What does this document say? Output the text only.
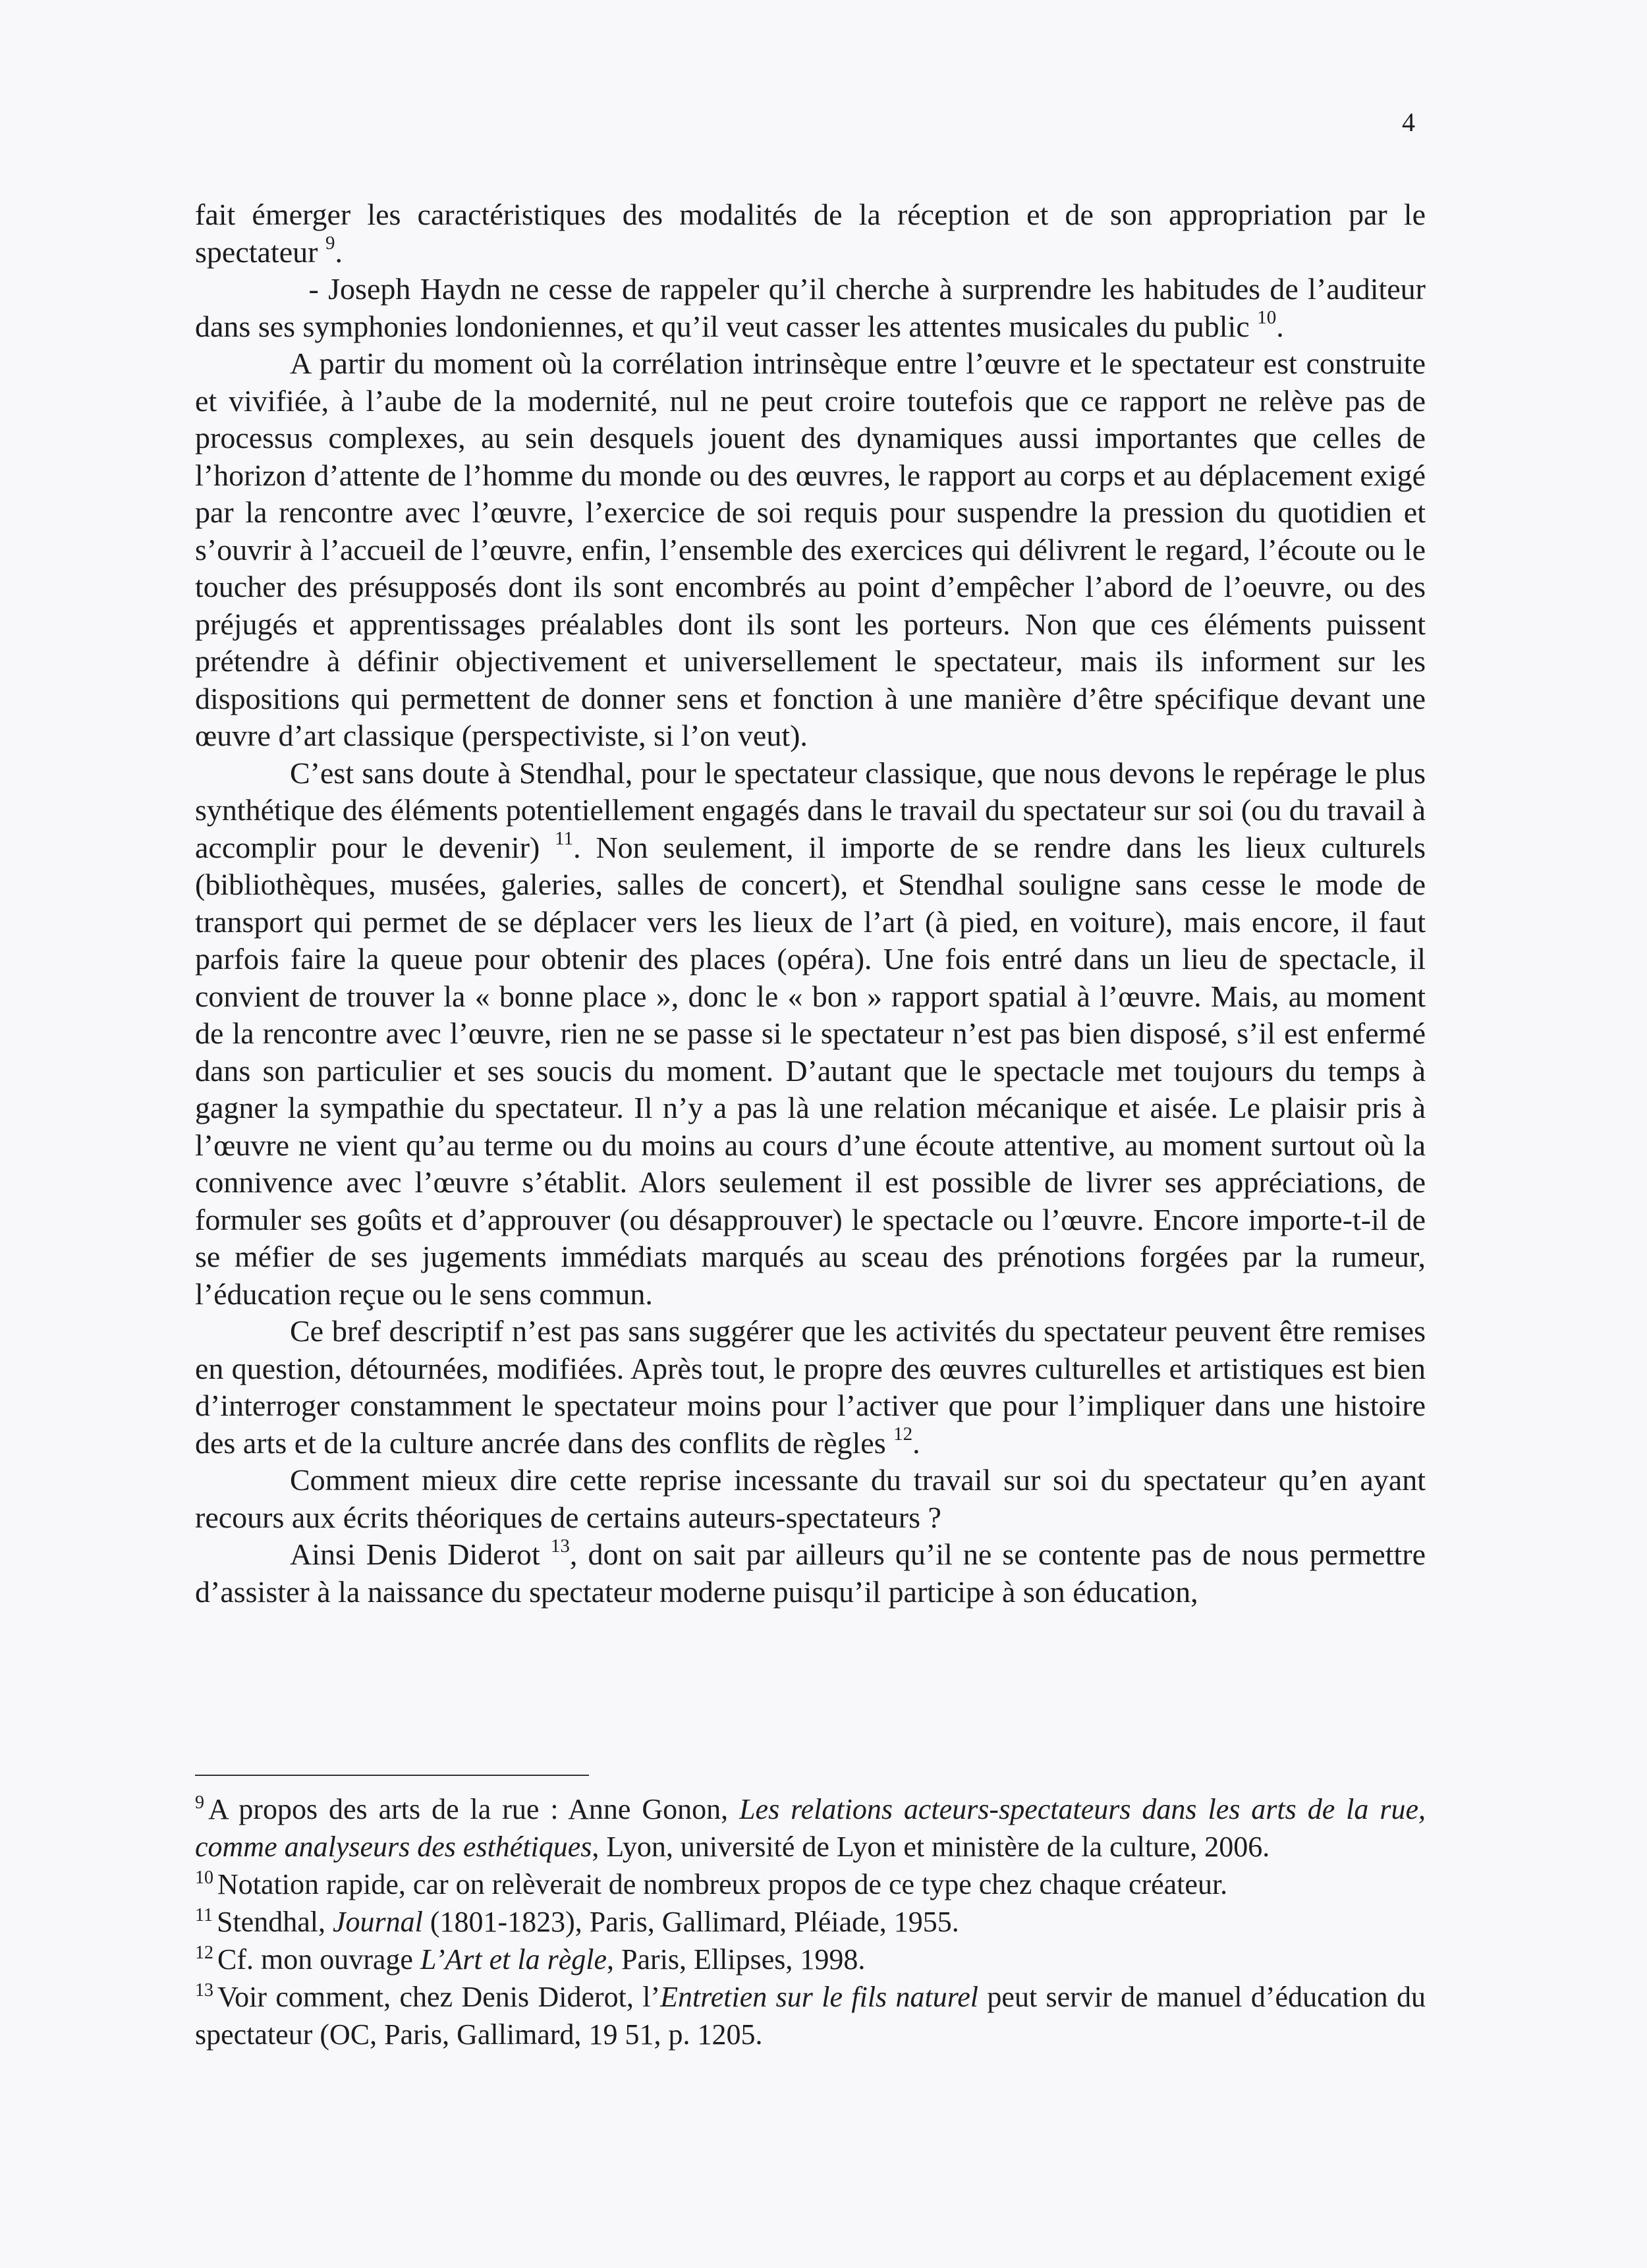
4

fait émerger les caractéristiques des modalités de la réception et de son appropriation par le spectateur $^9$.

- Joseph Haydn ne cesse de rappeler qu’il cherche à surprendre les habitudes de l’auditeur dans ses symphonies londoniennes, et qu’il veut casser les attentes musicales du public $^{10}$.

A partir du moment où la corrélation intrinsèque entre l’œuvre et le spectateur est construite et vivifiée, à l’aube de la modernité, nul ne peut croire toutefois que ce rapport ne relève pas de processus complexes, au sein desquels jouent des dynamiques aussi importantes que celles de l’horizon d’attente de l’homme du monde ou des œuvres, le rapport au corps et au déplacement exigé par la rencontre avec l’œuvre, l’exercice de soi requis pour suspendre la pression du quotidien et s’ouvrir à l’accueil de l’œuvre, enfin, l’ensemble des exercices qui délivrent le regard, l’écoute ou le toucher des présupposés dont ils sont encombrés au point d’empêcher l’abord de l’oeuvre, ou des préjugés et apprentissages préalables dont ils sont les porteurs. Non que ces éléments puissent prétendre à définir objectivement et universellement le spectateur, mais ils informent sur les dispositions qui permettent de donner sens et fonction à une manière d’être spécifique devant une œuvre d’art classique (perspectiviste, si l’on veut).

C’est sans doute à Stendhal, pour le spectateur classique, que nous devons le repérage le plus synthétique des éléments potentiellement engagés dans le travail du spectateur sur soi (ou du travail à accomplir pour le devenir) $^{11}$. Non seulement, il importe de se rendre dans les lieux culturels (bibliothèques, musées, galeries, salles de concert), et Stendhal souligne sans cesse le mode de transport qui permet de se déplacer vers les lieux de l’art (à pied, en voiture), mais encore, il faut parfois faire la queue pour obtenir des places (opéra). Une fois entré dans un lieu de spectacle, il convient de trouver la « bonne place », donc le « bon » rapport spatial à l’œuvre. Mais, au moment de la rencontre avec l’œuvre, rien ne se passe si le spectateur n’est pas bien disposé, s’il est enfermé dans son particulier et ses soucis du moment. D’autant que le spectacle met toujours du temps à gagner la sympathie du spectateur. Il n’y a pas là une relation mécanique et aisée. Le plaisir pris à l’œuvre ne vient qu’au terme ou du moins au cours d’une écoute attentive, au moment surtout où la connivence avec l’œuvre s’établit. Alors seulement il est possible de livrer ses appréciations, de formuler ses goûts et d’approuver (ou désapprouver) le spectacle ou l’œuvre. Encore importe-t-il de se méfier de ses jugements immédiats marqués au sceau des prénotions forgées par la rumeur, l’éducation reçue ou le sens commun.

Ce bref descriptif n’est pas sans suggérer que les activités du spectateur peuvent être remises en question, détournées, modifiées. Après tout, le propre des œuvres culturelles et artistiques est bien d’interroger constamment le spectateur moins pour l’activer que pour l’impliquer dans une histoire des arts et de la culture ancrée dans des conflits de règles $^{12}$.

Comment mieux dire cette reprise incessante du travail sur soi du spectateur qu’en ayant recours aux écrits théoriques de certains auteurs-spectateurs ?

Ainsi Denis Diderot $^{13}$, dont on sait par ailleurs qu’il ne se contente pas de nous permettre d’assister à la naissance du spectateur moderne puisqu’il participe à son éducation,

$^9$ A propos des arts de la rue : Anne Gonon, Les relations acteurs-spectateurs dans les arts de la rue, comme analyseurs des esthétiques, Lyon, université de Lyon et ministère de la culture, 2006.

$^{10}$ Notation rapide, car on relèverait de nombreux propos de ce type chez chaque créateur.

$^{11}$ Stendhal, Journal (1801-1823), Paris, Gallimard, Pléiade, 1955.

$^{12}$ Cf. mon ouvrage L’Art et la règle, Paris, Ellipses, 1998.

$^{13}$ Voir comment, chez Denis Diderot, l’Entretien sur le fils naturel peut servir de manuel d’éducation du spectateur (OC, Paris, Gallimard, 19 51, p. 1205.
